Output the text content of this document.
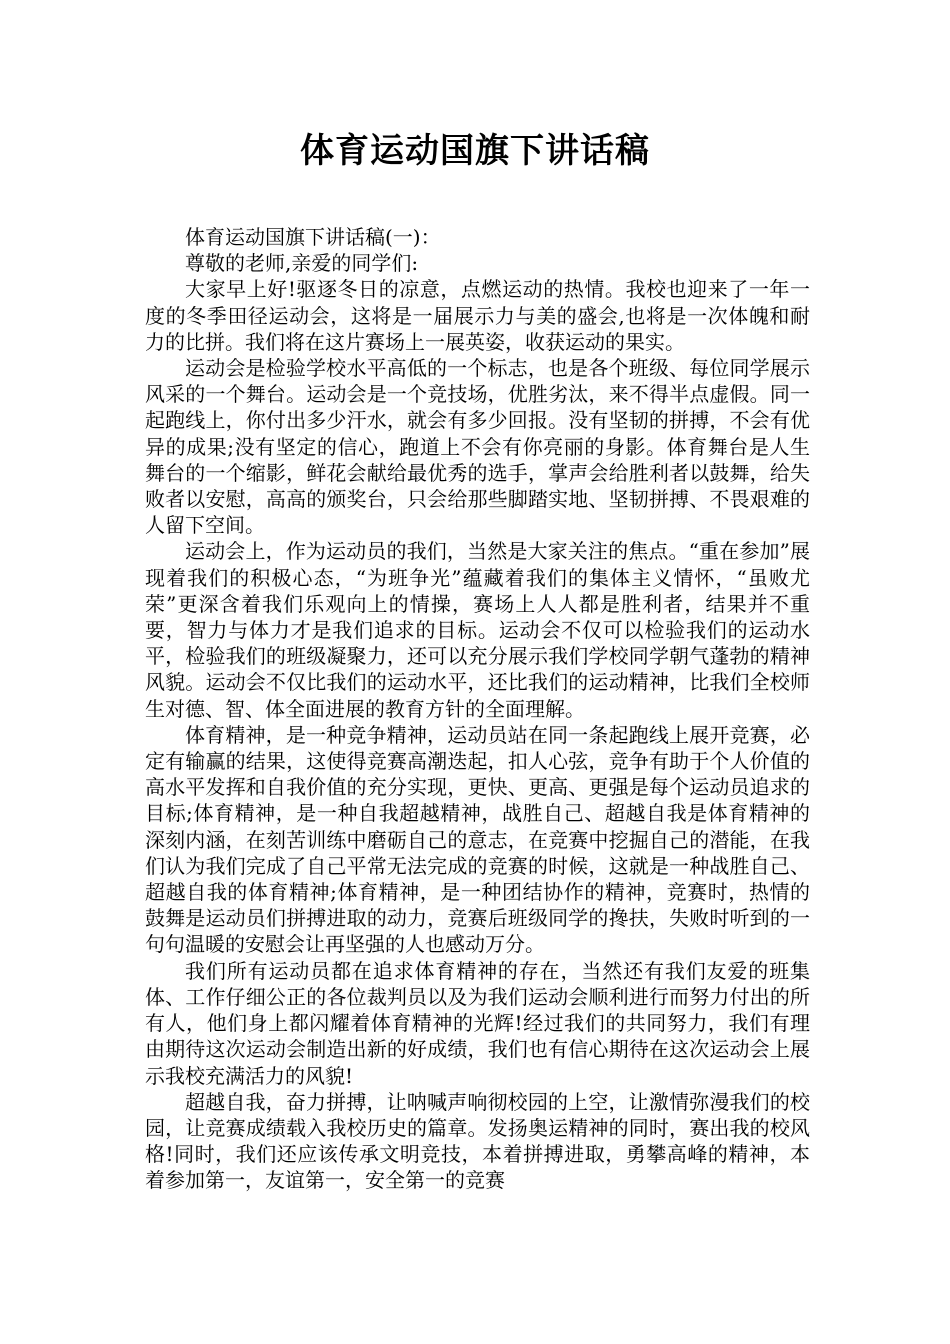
体育运动国旗下讲话稿

体育运动国旗下讲话稿(一)：

尊敬的老师,亲爱的同学们:

大家早上好!驱逐冬日的凉意，点燃运动的热情。我校也迎来了一年一度的冬季田径运动会，这将是一届展示力与美的盛会,也将是一次体魄和耐力的比拼。我们将在这片赛场上一展英姿，收获运动的果实。

运动会是检验学校水平高低的一个标志，也是各个班级、每位同学展示风采的一个舞台。运动会是一个竞技场，优胜劣汰，来不得半点虚假。同一起跑线上，你付出多少汗水，就会有多少回报。没有坚韧的拼搏，不会有优异的成果;没有坚定的信心，跑道上不会有你亮丽的身影。体育舞台是人生舞台的一个缩影，鲜花会献给最优秀的选手，掌声会给胜利者以鼓舞，给失败者以安慰，高高的颁奖台，只会给那些脚踏实地、坚韧拼搏、不畏艰难的人留下空间。

运动会上，作为运动员的我们，当然是大家关注的焦点。“重在参加”展现着我们的积极心态，“为班争光”蕴藏着我们的集体主义情怀，“虽败尤荣”更深含着我们乐观向上的情操，赛场上人人都是胜利者，结果并不重要，智力与体力才是我们追求的目标。运动会不仅可以检验我们的运动水平，检验我们的班级凝聚力，还可以充分展示我们学校同学朝气蓬勃的精神风貌。运动会不仅比我们的运动水平，还比我们的运动精神，比我们全校师生对德、智、体全面进展的教育方针的全面理解。

体育精神，是一种竞争精神，运动员站在同一条起跑线上展开竞赛，必定有输赢的结果，这使得竞赛高潮迭起，扣人心弦，竞争有助于个人价值的高水平发挥和自我价值的充分实现，更快、更高、更强是每个运动员追求的目标;体育精神，是一种自我超越精神，战胜自己、超越自我是体育精神的深刻内涵，在刻苦训练中磨砺自己的意志，在竞赛中挖掘自己的潜能，在我们认为我们完成了自己平常无法完成的竞赛的时候，这就是一种战胜自己、超越自我的体育精神;体育精神，是一种团结协作的精神，竞赛时，热情的鼓舞是运动员们拼搏进取的动力，竞赛后班级同学的搀扶，失败时听到的一句句温暖的安慰会让再坚强的人也感动万分。

我们所有运动员都在追求体育精神的存在，当然还有我们友爱的班集体、工作仔细公正的各位裁判员以及为我们运动会顺利进行而努力付出的所有人，他们身上都闪耀着体育精神的光辉!经过我们的共同努力，我们有理由期待这次运动会制造出新的好成绩，我们也有信心期待在这次运动会上展示我校充满活力的风貌!

超越自我，奋力拼搏，让呐喊声响彻校园的上空，让激情弥漫我们的校园，让竞赛成绩载入我校历史的篇章。发扬奥运精神的同时，赛出我的校风格!同时，我们还应该传承文明竞技，本着拼搏进取，勇攀高峰的精神，本着参加第一，友谊第一，安全第一的竞赛
